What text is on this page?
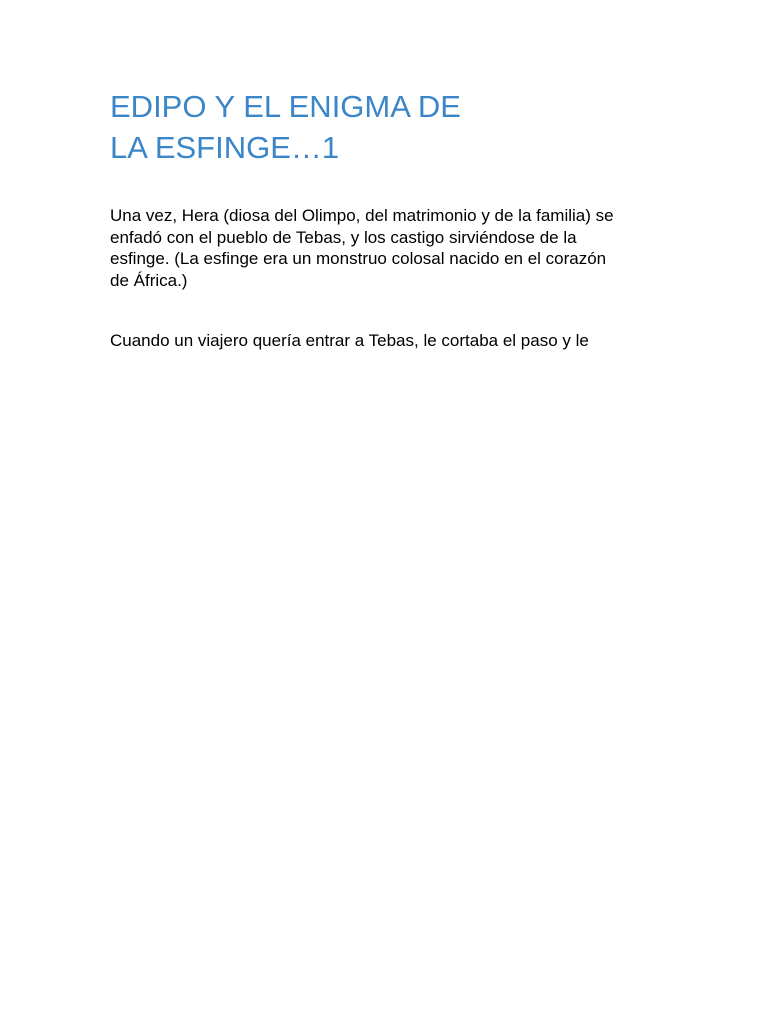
EDIPO Y EL ENIGMA DE
LA ESFINGE…1

Una vez, Hera (diosa del Olimpo, del matrimonio y de la familia) se
enfadó con el pueblo de Tebas, y los castigo sirviéndose de la
esfinge. (La esfinge era un monstruo colosal nacido en el corazón
de África.)

Cuando un viajero quería entrar a Tebas, le cortaba el paso y le
